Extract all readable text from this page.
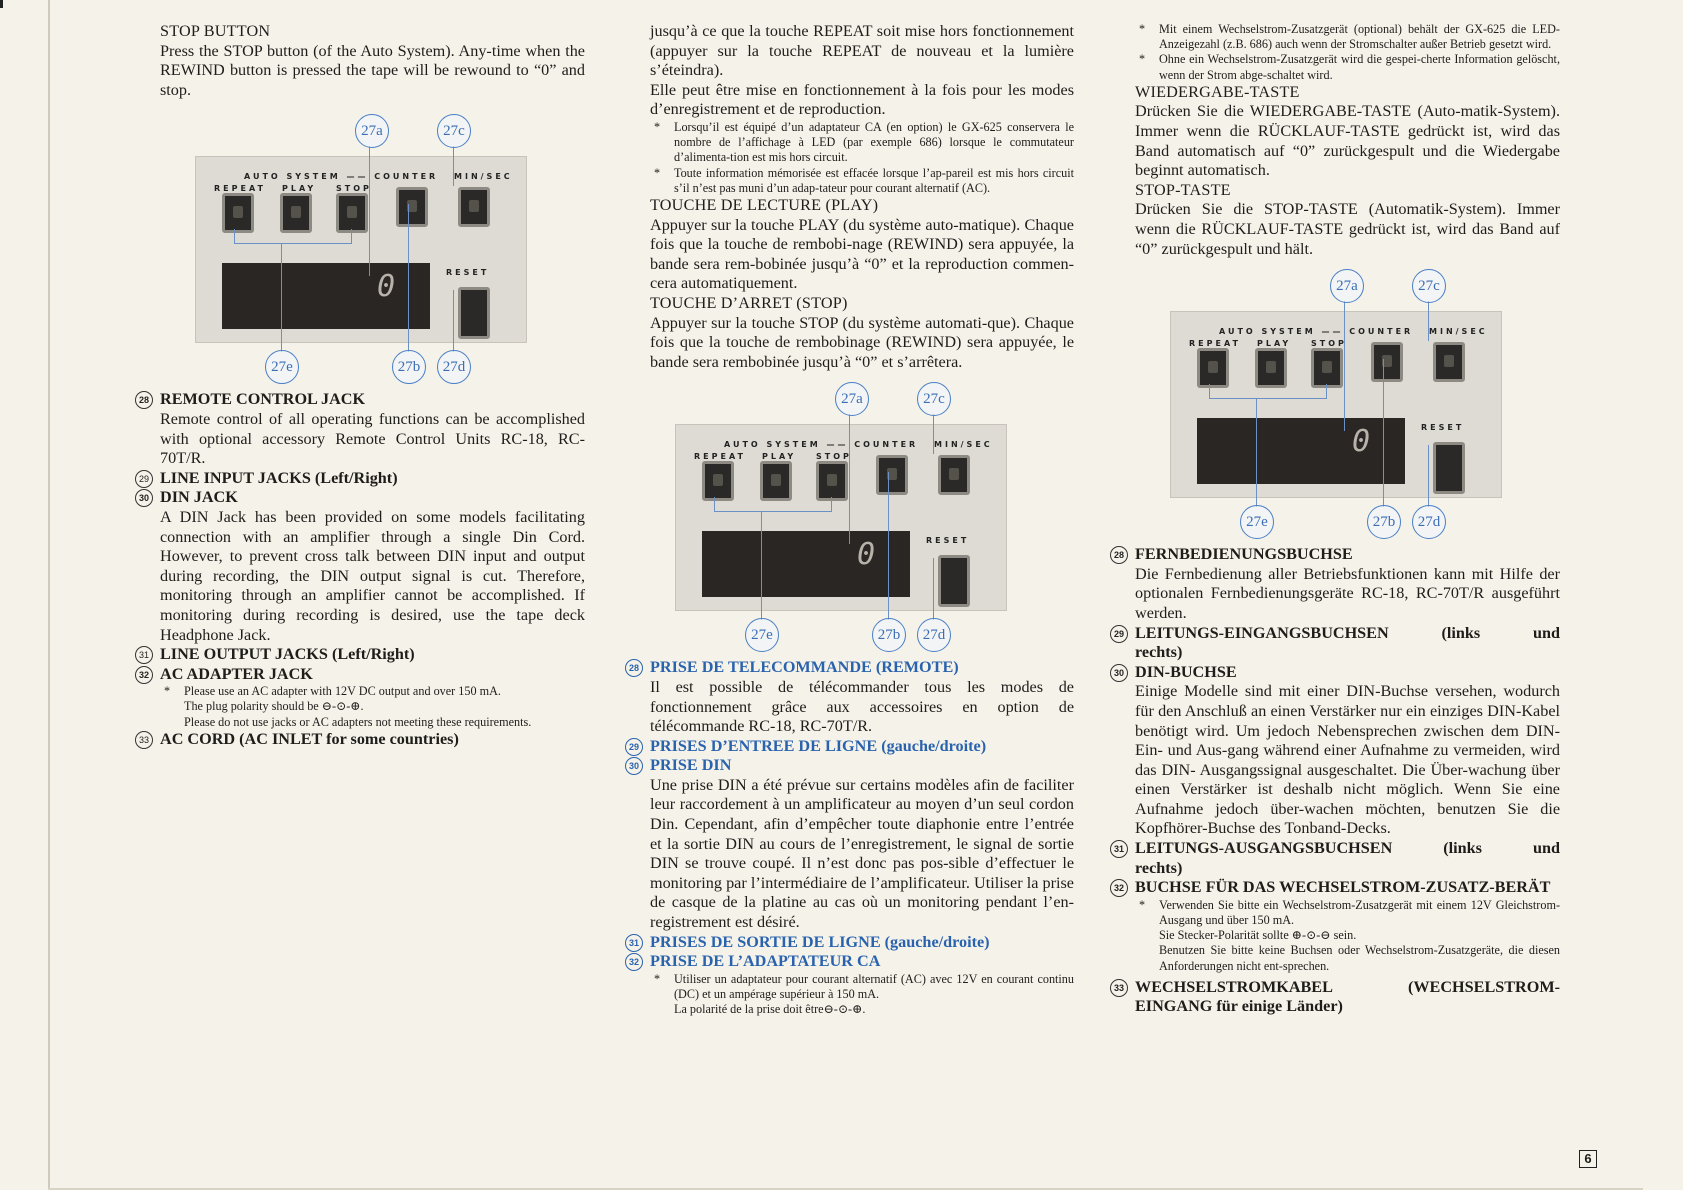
STOP BUTTON

Press the STOP button (of the Auto System). Any-time when the REWIND button is pressed the tape will be rewound to “0” and stop.

AUTO SYSTEM —— COUNTER MIN/SEC
REPEAT PLAY STOP
RESET
0
27a	27c
27e	27b	27d
28 REMOTE CONTROL JACK

Remote control of all operating functions can be accomplished with optional accessory Remote Control Units RC-18, RC-70T/R.

29 LINE INPUT JACKS (Left/Right)
30 DIN JACK

A DIN Jack has been provided on some models facilitating connection with an amplifier through a single Din Cord. However, to prevent cross talk between DIN input and output during recording, the DIN output signal is cut. Therefore, monitoring through an amplifier cannot be accomplished. If monitoring during recording is desired, use the tape deck Headphone Jack.

31 LINE OUTPUT JACKS (Left/Right)
32 AC ADAPTER JACK
* Please use an AC adapter with 12V DC output and over 150 mA.
The plug polarity should be ⊖-⊙-⊕.
Please do not use jacks or AC adapters not meeting these requirements.
33 AC CORD (AC INLET for some countries)

jusqu’à ce que la touche REPEAT soit mise hors fonctionnement (appuyer sur la touche REPEAT de nouveau et la lumière s’éteindra).

Elle peut être mise en fonctionnement à la fois pour les modes d’enregistrement et de reproduction.

* Lorsqu’il est équipé d’un adaptateur CA (en option) le GX-625 conservera le nombre de l’affichage à LED (par exemple 686) lorsque le commutateur d’alimenta-tion est mis hors circuit.
* Toute information mémorisée est effacée lorsque l’ap-pareil est mis hors circuit s’il n’est pas muni d’un adap-tateur pour courant alternatif (AC).

TOUCHE DE LECTURE (PLAY)

Appuyer sur la touche PLAY (du système auto-matique). Chaque fois que la touche de rembobi-nage (REWIND) sera appuyée, la bande sera rem-bobinée jusqu’à “0” et la reproduction commen-cera automatiquement.

TOUCHE D’ARRET (STOP)

Appuyer sur la touche STOP (du système automati-que). Chaque fois que la touche de rembobinage (REWIND) sera appuyée, le bande sera rembobinée jusqu’à “0” et s’arrêtera.

AUTO SYSTEM —— COUNTER MIN/SEC
REPEAT PLAY STOP
RESET
0
27a	27c
27e	27b	27d
28 PRISE DE TELECOMMANDE (REMOTE)

Il est possible de télécommander tous les modes de fonctionnement grâce aux accessoires en option de télécommande RC-18, RC-70T/R.

29 PRISES D’ENTREE DE LIGNE (gauche/droite)
30 PRISE DIN

Une prise DIN a été prévue sur certains modèles afin de faciliter leur raccordement à un amplificateur au moyen d’un seul cordon Din. Cependant, afin d’empêcher toute diaphonie entre l’entrée et la sortie DIN au cours de l’enregistrement, le signal de sortie DIN se trouve coupé. Il n’est donc pas pos-sible d’effectuer le monitoring par l’intermédiaire de l’amplificateur. Utiliser la prise de casque de la platine au cas où un monitoring pendant l’en-registrement est désiré.

31 PRISES DE SORTIE DE LIGNE (gauche/droite)
32 PRISE DE L’ADAPTATEUR CA
* Utiliser un adaptateur pour courant alternatif (AC) avec 12V en courant continu (DC) et un ampérage supérieur à 150 mA.
La polarité de la prise doit être⊖-⊙-⊕.
* Mit einem Wechselstrom-Zusatzgerät (optional) behält der GX-625 die LED-Anzeigezahl (z.B. 686) auch wenn der Stromschalter außer Betrieb gesetzt wird.
* Ohne ein Wechselstrom-Zusatzgerät wird die gespei-cherte Information gelöscht, wenn der Strom abge-schaltet wird.

WIEDERGABE-TASTE

Drücken Sie die WIEDERGABE-TASTE (Auto-matik-System). Immer wenn die RÜCKLAUF-TASTE gedrückt ist, wird das Band automatisch auf “0” zurückgespult und die Wiedergabe beginnt automatisch.

STOP-TASTE

Drücken Sie die STOP-TASTE (Automatik-System). Immer wenn die RÜCKLAUF-TASTE gedrückt ist, wird das Band auf “0” zurückgespult und hält.

AUTO SYSTEM —— COUNTER MIN/SEC
REPEAT PLAY STOP
RESET
0
27a	27c
27e	27b	27d
28 FERNBEDIENUNGSBUCHSE

Die Fernbedienung aller Betriebsfunktionen kann mit Hilfe der optionalen Fernbedienungsgeräte RC-18, RC-70T/R ausgeführt werden.

29 LEITUNGS-EINGANGSBUCHSEN	(links	und

rechts)

30 DIN-BUCHSE

Einige Modelle sind mit einer DIN-Buchse versehen, wodurch für den Anschluß an einen Verstärker nur ein einziges DIN-Kabel benötigt wird. Um jedoch Nebensprechen zwischen dem DIN-Ein- und Aus-gang während einer Aufnahme zu vermeiden, wird das DIN- Ausgangssignal ausgeschaltet. Die Über-wachung über einen Verstärker ist deshalb nicht möglich. Wenn Sie eine Aufnahme jedoch über-wachen möchten, benutzen Sie die Kopfhörer-Buchse des Tonband-Decks.

31 LEITUNGS-AUSGANGSBUCHSEN	(links	und

rechts)

32 BUCHSE FÜR DAS WECHSELSTROM-ZUSATZ-BERÄT
* Verwenden Sie bitte ein Wechselstrom-Zusatzgerät mit einem 12V Gleichstrom-Ausgang und über 150 mA.
Sie Stecker-Polarität sollte ⊕-⊙-⊖ sein.
Benutzen Sie bitte keine Buchsen oder Wechselstrom-Zusatzgeräte, die diesen Anforderungen nicht ent-sprechen.
33 WECHSELSTROMKABEL	(WECHSELSTROM-

EINGANG für einige Länder)

6
